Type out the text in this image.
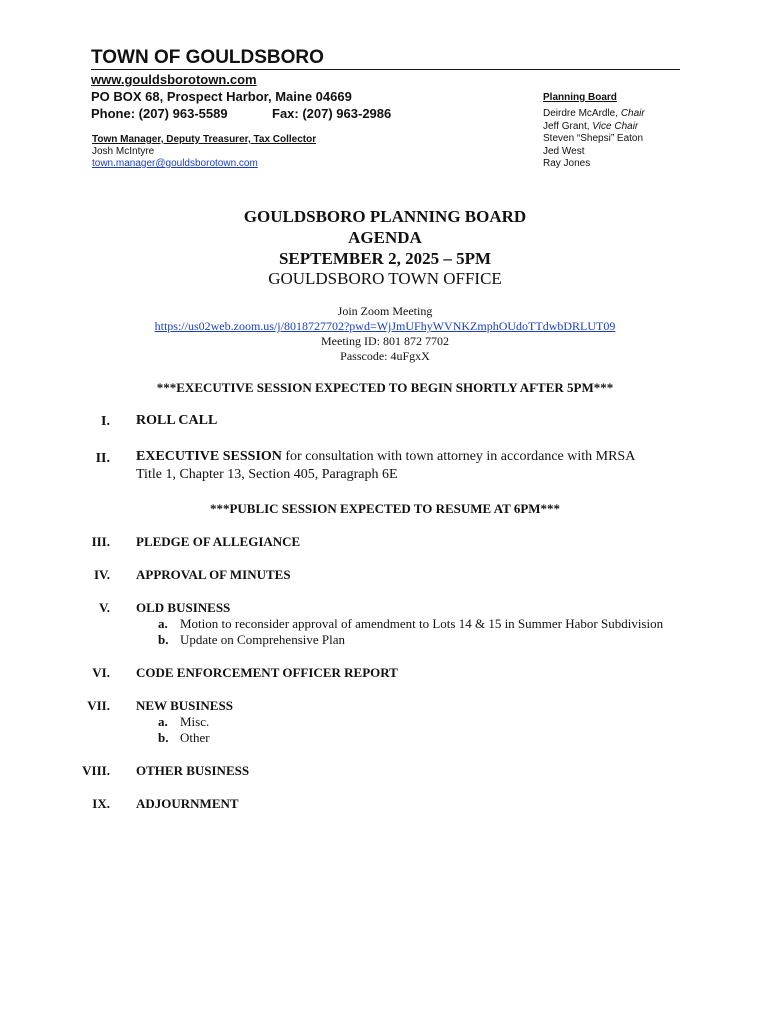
TOWN OF GOULDSBORO
www.gouldsborotown.com
PO BOX 68, Prospect Harbor, Maine 04669
Phone: (207) 963-5589	Fax: (207) 963-2986
Town Manager, Deputy Treasurer, Tax Collector
Josh McIntyre
town.manager@gouldsborotown.com
Planning Board
Deirdre McArdle, Chair
Jeff Grant, Vice Chair
Steven “Shepsi” Eaton
Jed West
Ray Jones
GOULDSBORO PLANNING BOARD
AGENDA
SEPTEMBER 2, 2025 – 5PM
GOULDSBORO TOWN OFFICE
Join Zoom Meeting
https://us02web.zoom.us/j/8018727702?pwd=WjJmUFhyWVNKZmphOUdoTTdwbDRLUT09
Meeting ID: 801 872 7702
Passcode: 4uFgxX
***EXECUTIVE SESSION EXPECTED TO BEGIN SHORTLY AFTER 5PM***
I. ROLL CALL
II. EXECUTIVE SESSION for consultation with town attorney in accordance with MRSA
Title 1, Chapter 13, Section 405, Paragraph 6E
***PUBLIC SESSION EXPECTED TO RESUME AT 6PM***
III. PLEDGE OF ALLEGIANCE
IV. APPROVAL OF MINUTES
V. OLD BUSINESS
a. Motion to reconsider approval of amendment to Lots 14 & 15 in Summer Habor Subdivision
b. Update on Comprehensive Plan
VI. CODE ENFORCEMENT OFFICER REPORT
VII. NEW BUSINESS
a. Misc.
b. Other
VIII. OTHER BUSINESS
IX. ADJOURNMENT
